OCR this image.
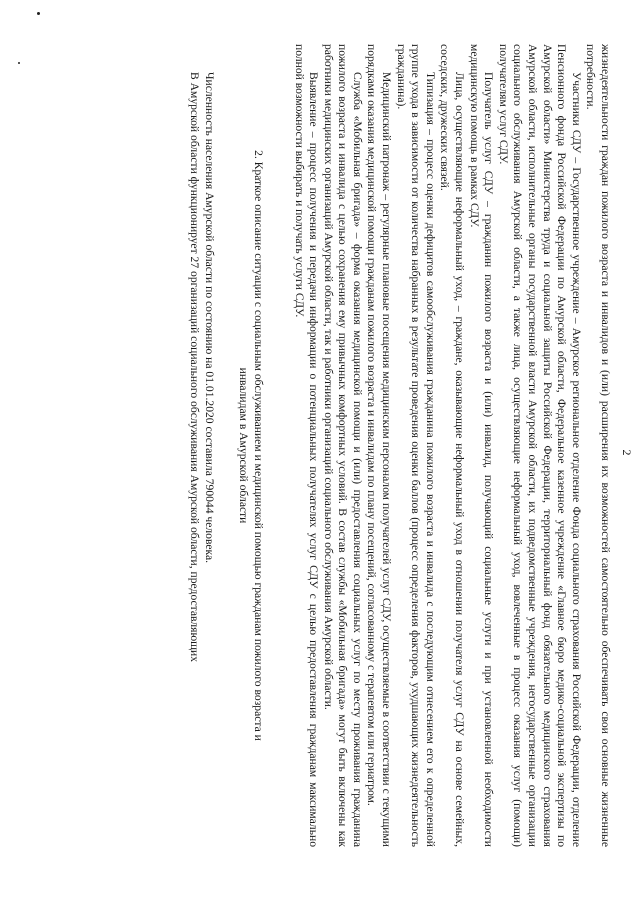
2

жизнедеятельности граждан пожилого возраста и инвалидов и (или) расширения их возможностей самостоятельно обеспечивать свои основные жизненные потребности.

Участники СДУ – Государственное учреждение – Амурское региональное отделение Фонда социального страхования Российской Федерации, отделение Пенсионного фонда Российской Федерации по Амурской области, Федеральное казенное учреждение «Главное бюро медико-социальной экспертизы по Амурской области» Министерства труда и социальной защиты Российской Федерации, территориальный фонд обязательного медицинского страхования Амурской области, исполнительные органы государственной власти Амурской области, их подведомственные учреждения, негосударственные организации социального обслуживания Амурской области, а также лица, осуществляющие неформальный уход, вовлеченные в процесс оказания услуг (помощи) получателям услуг СДУ.

Получатель услуг СДУ – гражданин пожилого возраста и (или) инвалид, получающий социальные услуги и при установленной необходимости медицинскую помощь в рамках СДУ.

Лица, осуществляющие неформальный уход, – граждане, оказывающие неформальный уход в отношении получателя услуг СДУ на основе семейных, соседских, дружеских связей.

Типизация – процесс оценки дефицитов самообслуживания гражданина пожилого возраста и инвалида с последующим отнесением его к определенной группе ухода в зависимости от количества набранных в результате проведения оценки баллов (процесс определения факторов, ухудшающих жизнедеятельность гражданина).

Медицинский патронаж – регулярные плановые посещения медицинским персоналом получателей услуг СДУ, осуществляемые в соответствии с текущими порядками оказания медицинской помощи гражданам пожилого возраста и инвалидам по плану посещений, согласованному с терапевтом или гериатром.

Служба «Мобильная бригада» – форма оказания медицинской помощи и (или) предоставления социальных услуг по месту проживания гражданина пожилого возраста и инвалида с целью сохранения ему привычных комфортных условий. В состав службы «Мобильная бригада» могут быть включены как работники медицинских организаций Амурской области, так и работники организаций социального обслуживания Амурской области.

Выявление – процесс получения и передачи информации о потенциальных получателях услуг СДУ с целью предоставления гражданам максимально полной возможности выбирать и получать услуги СДУ.

2. Краткое описание ситуации с социальным обслуживанием и медицинской помощью гражданам пожилого возраста и инвалидам в Амурской области

Численность населения Амурской области по состоянию на 01.01.2020 составила 790044 человека.

В Амурской области функционирует 27 организаций социального обслуживания Амурской области, предоставляющих
